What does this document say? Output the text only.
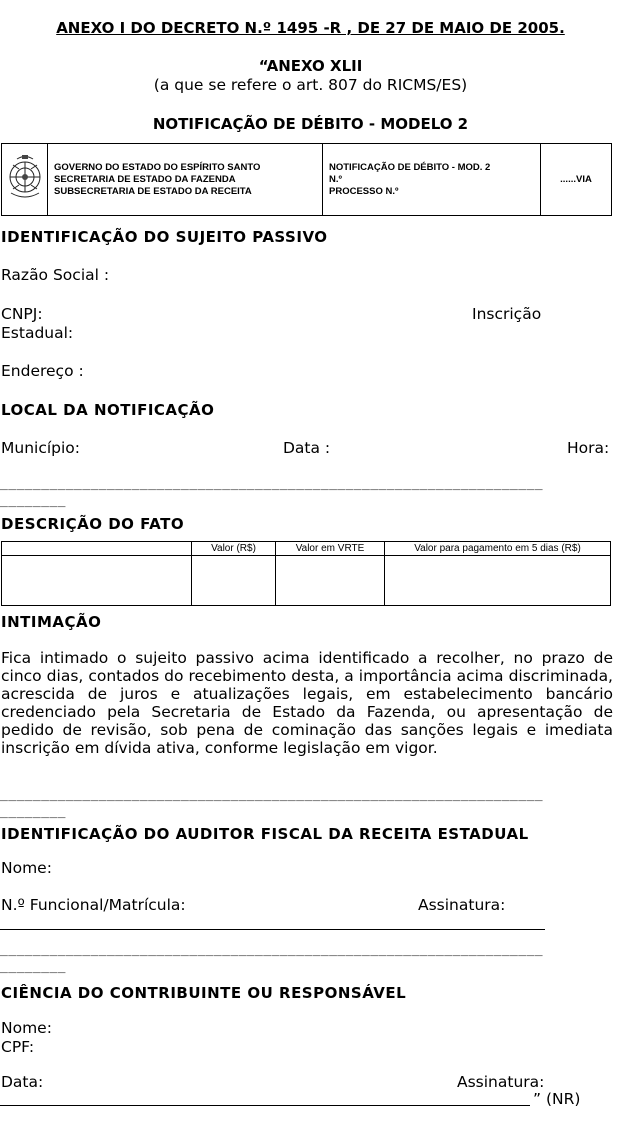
ANEXO I DO DECRETO N.º 1495 -R , DE 27 DE MAIO DE 2005.
“ANEXO XLII
(a que se refere o art. 807 do RICMS/ES)
NOTIFICAÇÃO DE DÉBITO - MODELO 2

GOVERNO DO ESTADO DO ESPÍRITO SANTO
SECRETARIA DE ESTADO DA FAZENDA
SUBSECRETARIA DE ESTADO DA RECEITA

NOTIFICAÇÃO DE DÉBITO - MOD. 2
N.º
PROCESSO N.º
	......VIA
IDENTIFICAÇÃO DO SUJEITO PASSIVO
Razão Social :
CNPJ:	Inscrição
Estadual:
Endereço :
LOCAL DA NOTIFICAÇÃO
Município:	Data :	Hora:
__________________________________________________________________
________
DESCRIÇÃO DO FATO
	Valor (R$)	Valor em VRTE	Valor para pagamento em 5 dias (R$)

INTIMAÇÃO
Fica intimado o sujeito passivo acima identificado a recolher, no prazo de cinco dias, contados do recebimento desta, a importância acima discriminada, acrescida de juros e atualizações legais, em estabelecimento bancário credenciado pela Secretaria de Estado da Fazenda, ou apresentação de pedido de revisão, sob pena de cominação das sanções legais e imediata inscrição em dívida ativa, conforme legislação em vigor.
__________________________________________________________________
________
IDENTIFICAÇÃO DO AUDITOR FISCAL DA RECEITA ESTADUAL
Nome:
N.º Funcional/Matrícula:	Assinatura:
__________________________________________________________________
________
CIÊNCIA DO CONTRIBUINTE OU RESPONSÁVEL
Nome:
CPF:
Data:	Assinatura:
” (NR)
